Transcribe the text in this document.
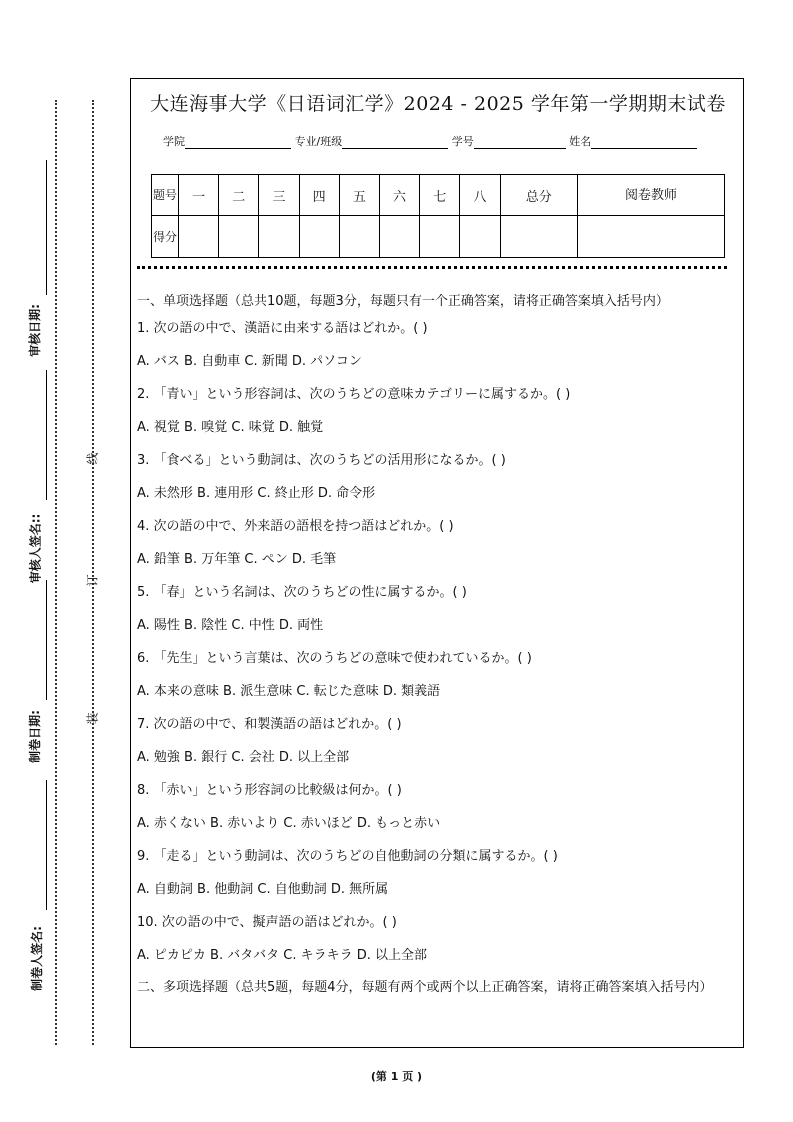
审核日期:
审核人签名::
制卷日期:
制卷人签名:
线
订
装
大连海事大学《日语词汇学》2024 - 2025 学年第一学期期末试卷
学院	专业/班级	学号	姓名
题号	一	二	三	四	五	六	七	八	总分	阅卷教师
得分										

一、单项选择题（总共10题，每题3分，每题只有一个正确答案，请将正确答案填入括号内）

1. 次の語の中で、漢語に由来する語はどれか。( )

A. バス B. 自動車 C. 新聞 D. パソコン

2. 「青い」という形容詞は、次のうちどの意味カテゴリーに属するか。( )

A. 視覚 B. 嗅覚 C. 味覚 D. 触覚

3. 「食べる」という動詞は、次のうちどの活用形になるか。( )

A. 未然形 B. 連用形 C. 終止形 D. 命令形

4. 次の語の中で、外来語の語根を持つ語はどれか。( )

A. 鉛筆 B. 万年筆 C. ペン D. 毛筆

5. 「春」という名詞は、次のうちどの性に属するか。( )

A. 陽性 B. 陰性 C. 中性 D. 両性

6. 「先生」という言葉は、次のうちどの意味で使われているか。( )

A. 本来の意味 B. 派生意味 C. 転じた意味 D. 類義語

7. 次の語の中で、和製漢語の語はどれか。( )

A. 勉強 B. 銀行 C. 会社 D. 以上全部

8. 「赤い」という形容詞の比較級は何か。( )

A. 赤くない B. 赤いより C. 赤いほど D. もっと赤い

9. 「走る」という動詞は、次のうちどの自他動詞の分類に属するか。( )

A. 自動詞 B. 他動詞 C. 自他動詞 D. 無所属

10. 次の語の中で、擬声語の語はどれか。( )

A. ピカピカ B. バタバタ C. キラキラ D. 以上全部

二、多项选择题（总共5题，每题4分，每题有两个或两个以上正确答案，请将正确答案填入括号内）

(第 1 页 )
